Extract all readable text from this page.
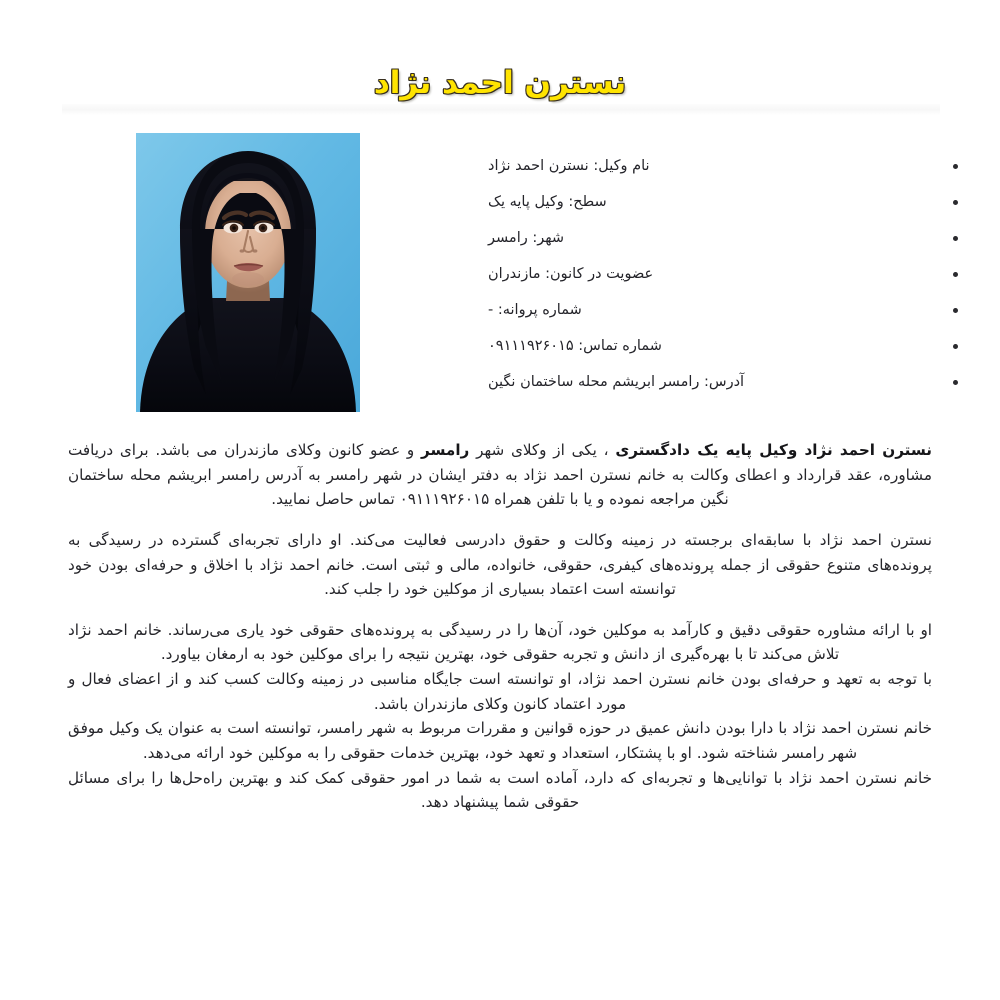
نسترن احمد نژاد
نام وکیل: نسترن احمد نژاد
سطح: وکیل پایه یک
شهر: رامسر
عضویت در کانون: مازندران
شماره پروانه: -
شماره تماس: ۰۹۱۱۱۹۲۶۰۱۵
آدرس: رامسر ابریشم محله ساختمان نگین

نسترن احمد نژاد وکیل پایه یک دادگستری ، یکی از وکلای شهر رامسر و عضو کانون وکلای مازندران می باشد. برای دریافت مشاوره، عقد قرارداد و اعطای وکالت به خانم نسترن احمد نژاد به دفتر ایشان در شهر رامسر به آدرس رامسر ابریشم محله ساختمان نگین مراجعه نموده و یا با تلفن همراه ۰۹۱۱۱۹۲۶۰۱۵ تماس حاصل نمایید.

نسترن احمد نژاد با سابقه‌ای برجسته در زمینه وکالت و حقوق دادرسی فعالیت می‌کند. او دارای تجربه‌ای گسترده در رسیدگی به پرونده‌های متنوع حقوقی از جمله پرونده‌های کیفری، حقوقی، خانواده، مالی و ثبتی است. خانم احمد نژاد با اخلاق و حرفه‌ای بودن خود توانسته است اعتماد بسیاری از موکلین خود را جلب کند.

او با ارائه مشاوره حقوقی دقیق و کارآمد به موکلین خود، آن‌ها را در رسیدگی به پرونده‌های حقوقی خود یاری می‌رساند. خانم احمد نژاد تلاش می‌کند تا با بهره‌گیری از دانش و تجربه حقوقی خود، بهترین نتیجه را برای موکلین خود به ارمغان بیاورد.

با توجه به تعهد و حرفه‌ای بودن خانم نسترن احمد نژاد، او توانسته است جایگاه مناسبی در زمینه وکالت کسب کند و از اعضای فعال و مورد اعتماد کانون وکلای مازندران باشد.

خانم نسترن احمد نژاد با دارا بودن دانش عمیق در حوزه قوانین و مقررات مربوط به شهر رامسر، توانسته است به عنوان یک وکیل موفق شهر رامسر شناخته شود. او با پشتکار، استعداد و تعهد خود، بهترین خدمات حقوقی را به موکلین خود ارائه می‌دهد.

خانم نسترن احمد نژاد با توانایی‌ها و تجربه‌ای که دارد، آماده است به شما در امور حقوقی کمک کند و بهترین راه‌حل‌ها را برای مسائل حقوقی شما پیشنهاد دهد.
